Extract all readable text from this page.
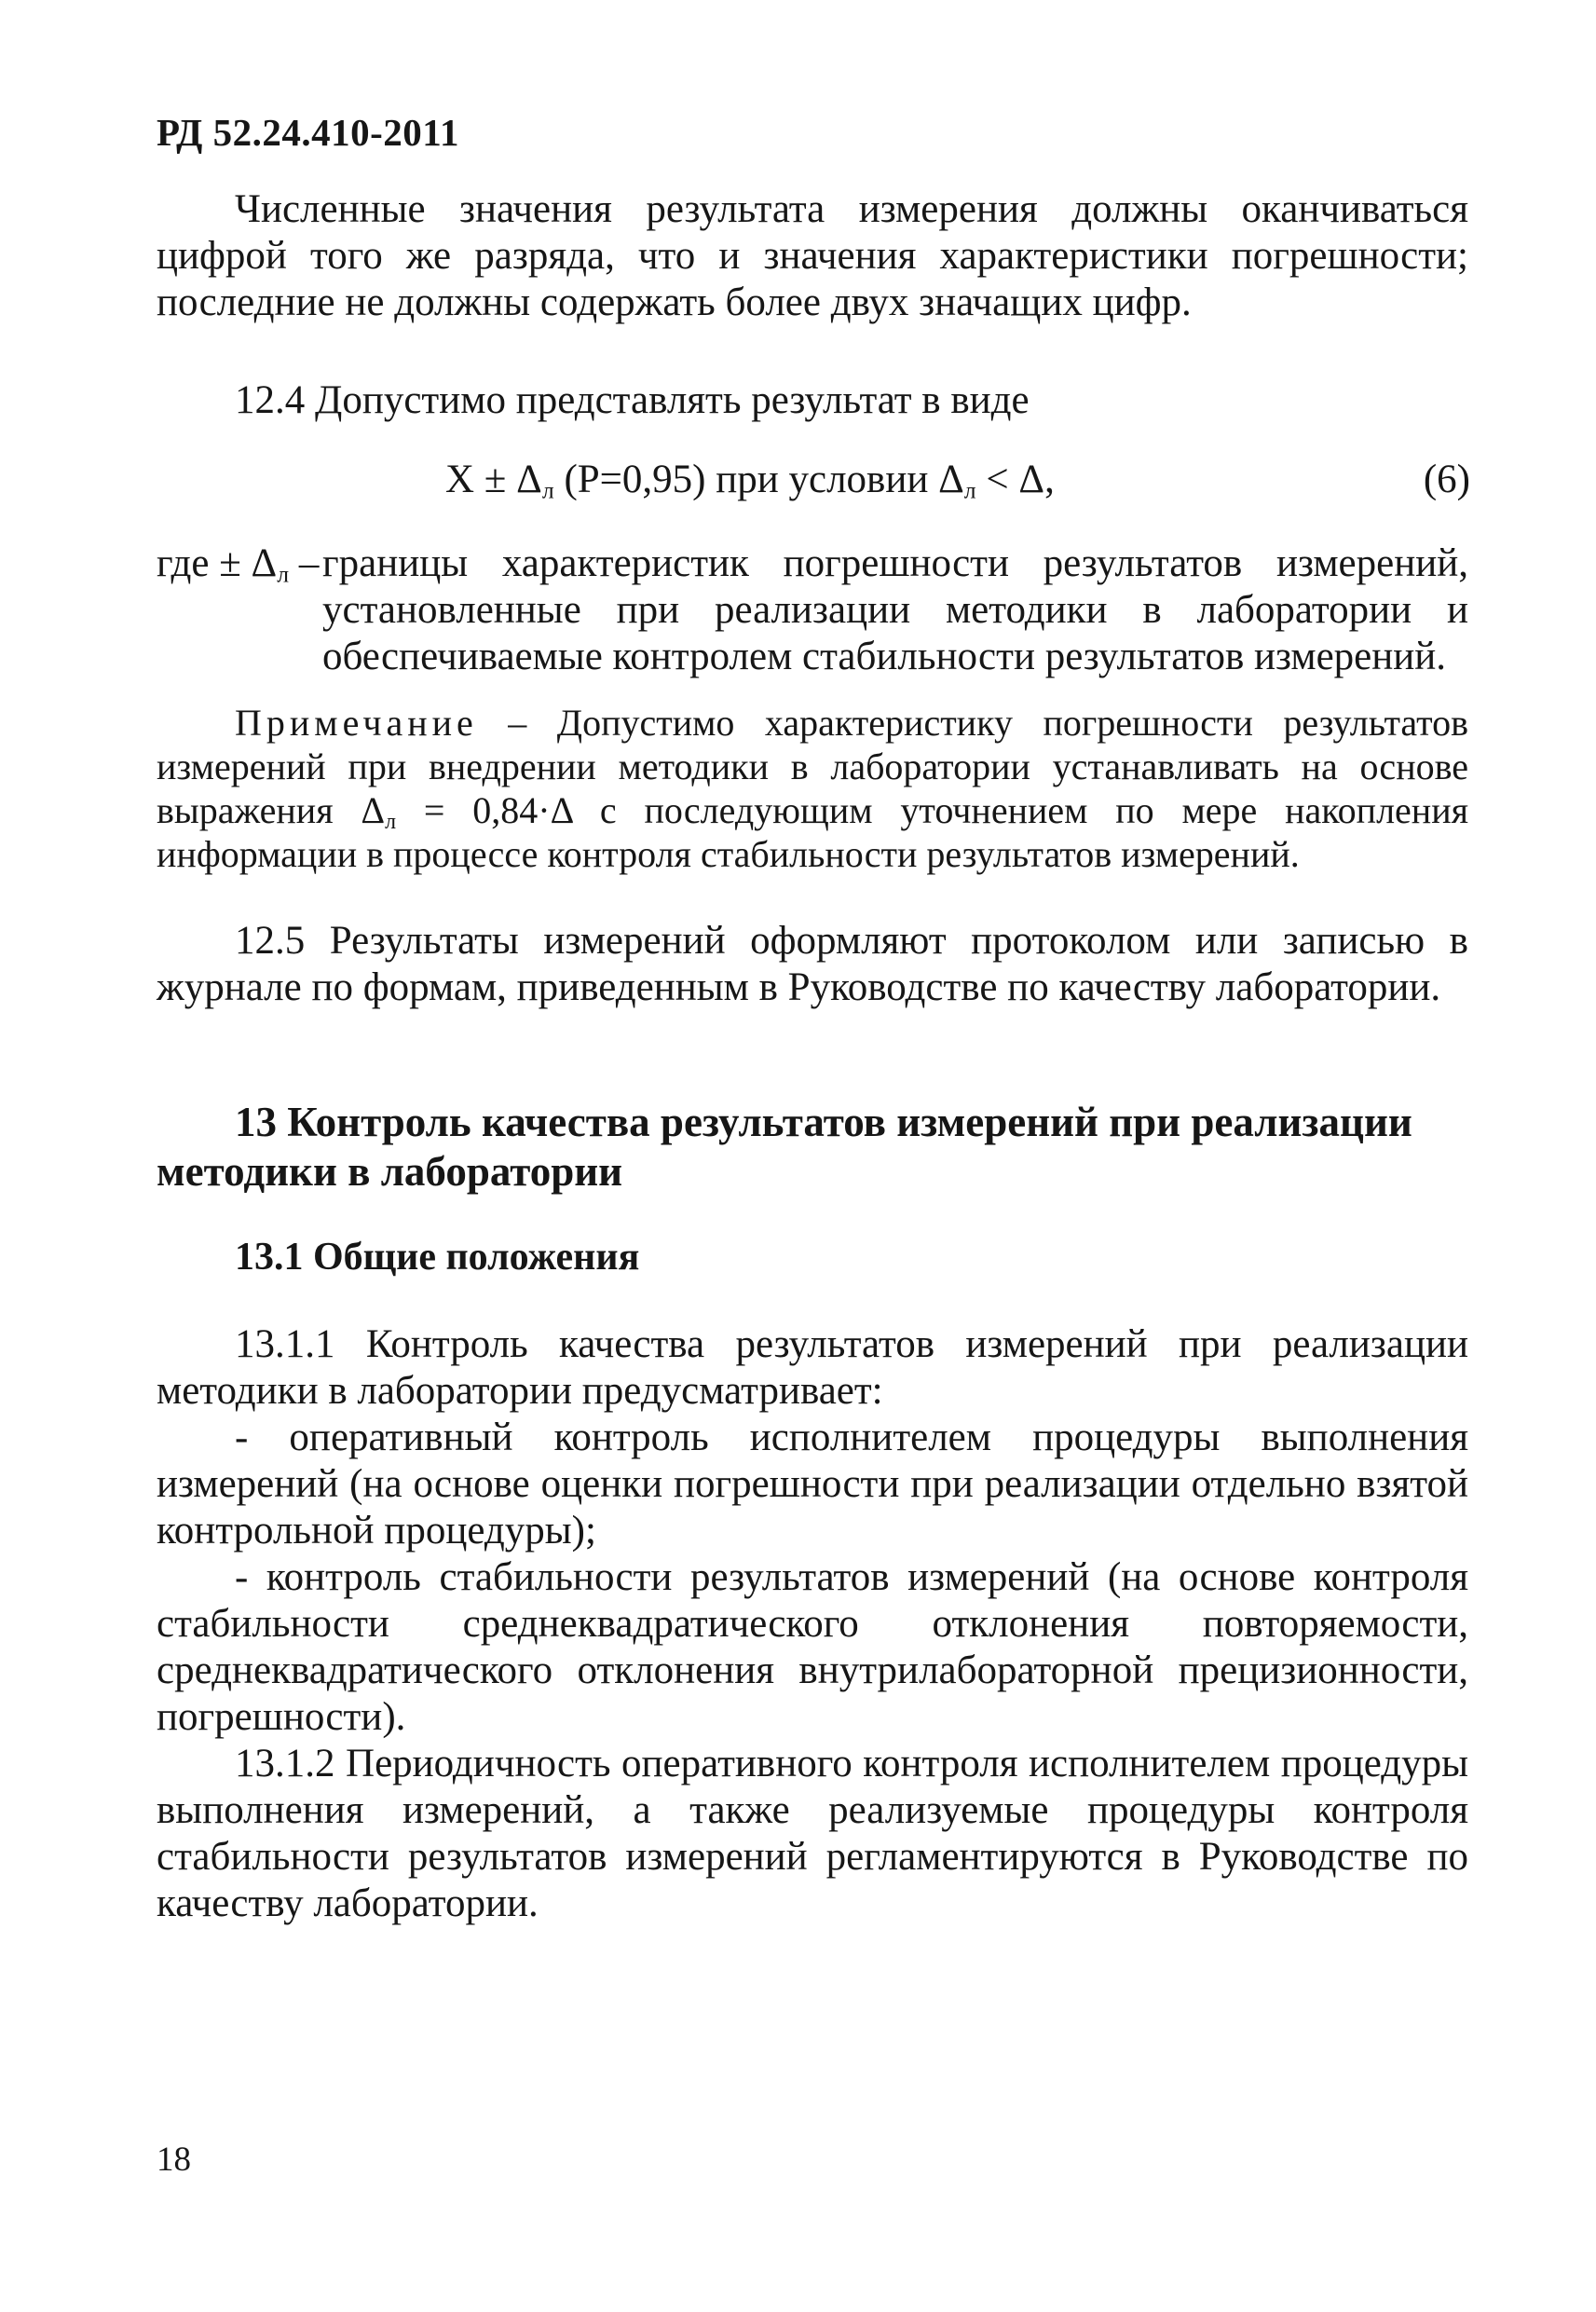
РД 52.24.410-2011

Численные значения результата измерения должны оканчиваться цифрой того же разряда, что и значения характеристики погрешности; последние не должны содержать более двух значащих цифр.

12.4 Допустимо представлять результат в виде

$X \pm \Delta_л$ (P=0,95) при условии $\Delta_л < \Delta$,	(6)
где ± $\Delta_л$ – границы характеристик погрешности результатов измерений, установленные при реализации методики в лаборатории и обеспечиваемые контролем стабильности результатов измерений.
Примечание – Допустимо характеристику погрешности результатов измерений при внедрении методики в лаборатории устанавливать на основе выражения $\Delta_л = 0,84\cdot\Delta$ с последующим уточнением по мере накопления информации в процессе контроля стабильности результатов измерений.

12.5 Результаты измерений оформляют протоколом или записью в журнале по формам, приведенным в Руководстве по качеству лаборатории.

13 Контроль качества результатов измерений при реализации методики в лаборатории
13.1 Общие положения

13.1.1 Контроль качества результатов измерений при реализации методики в лаборатории предусматривает:

- оперативный контроль исполнителем процедуры выполнения измерений (на основе оценки погрешности при реализации отдельно взятой контрольной процедуры);

- контроль стабильности результатов измерений (на основе контроля стабильности среднеквадратического отклонения повторяемости, среднеквадратического отклонения внутрилабораторной прецизионности, погрешности).

13.1.2 Периодичность оперативного контроля исполнителем процедуры выполнения измерений, а также реализуемые процедуры контроля стабильности результатов измерений регламентируются в Руководстве по качеству лаборатории.

18
